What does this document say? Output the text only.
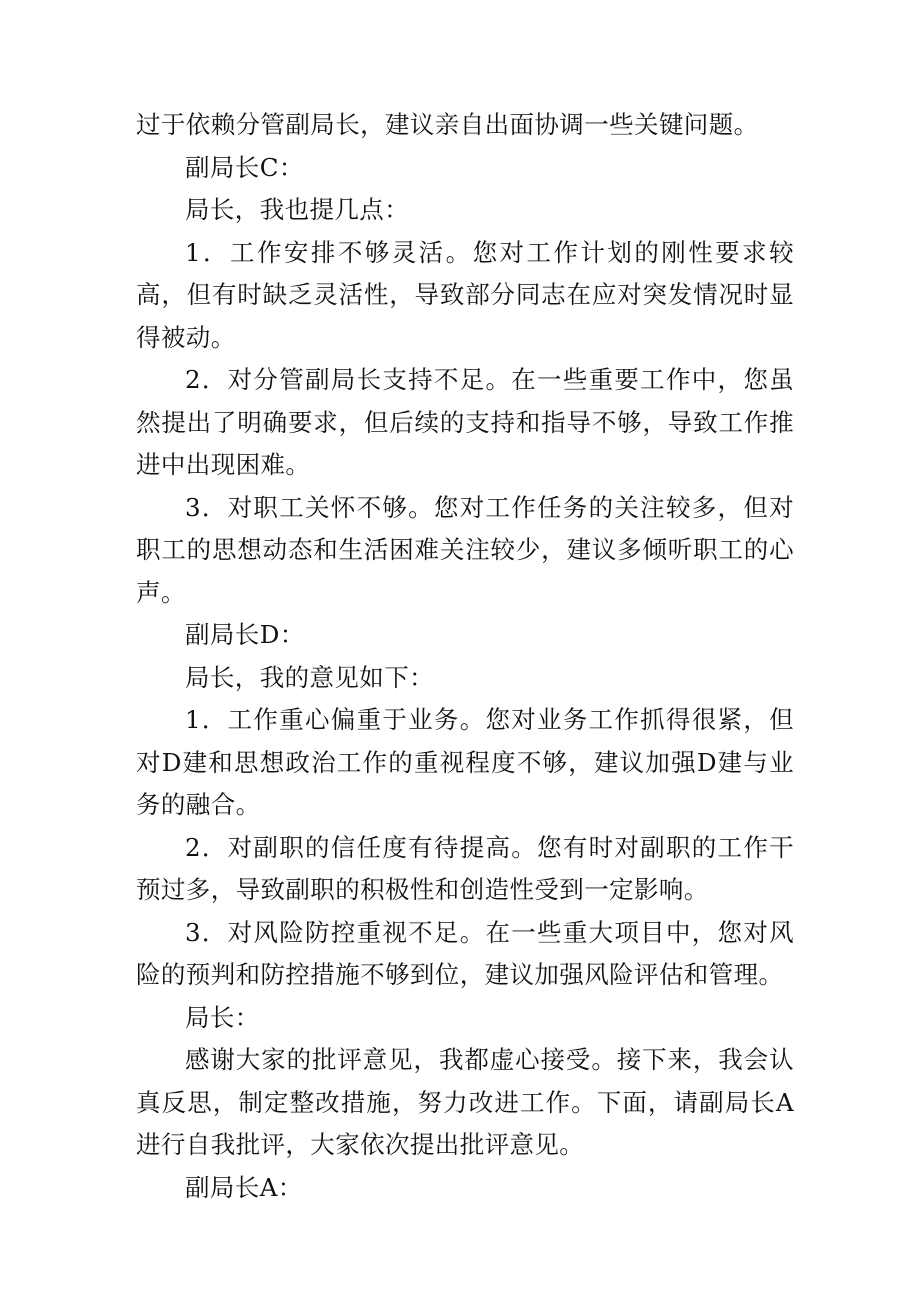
过于依赖分管副局长，建议亲自出面协调一些关键问题。

副局长C：

局长，我也提几点：

1．工作安排不够灵活。您对工作计划的刚性要求较高，但有时缺乏灵活性，导致部分同志在应对突发情况时显得被动。

2．对分管副局长支持不足。在一些重要工作中，您虽然提出了明确要求，但后续的支持和指导不够，导致工作推进中出现困难。

3．对职工关怀不够。您对工作任务的关注较多，但对职工的思想动态和生活困难关注较少，建议多倾听职工的心声。

副局长D：

局长，我的意见如下：

1．工作重心偏重于业务。您对业务工作抓得很紧，但对D建和思想政治工作的重视程度不够，建议加强D建与业务的融合。

2．对副职的信任度有待提高。您有时对副职的工作干预过多，导致副职的积极性和创造性受到一定影响。

3．对风险防控重视不足。在一些重大项目中，您对风险的预判和防控措施不够到位，建议加强风险评估和管理。

局长：

感谢大家的批评意见，我都虚心接受。接下来，我会认真反思，制定整改措施，努力改进工作。下面，请副局长A进行自我批评，大家依次提出批评意见。

副局长A：
